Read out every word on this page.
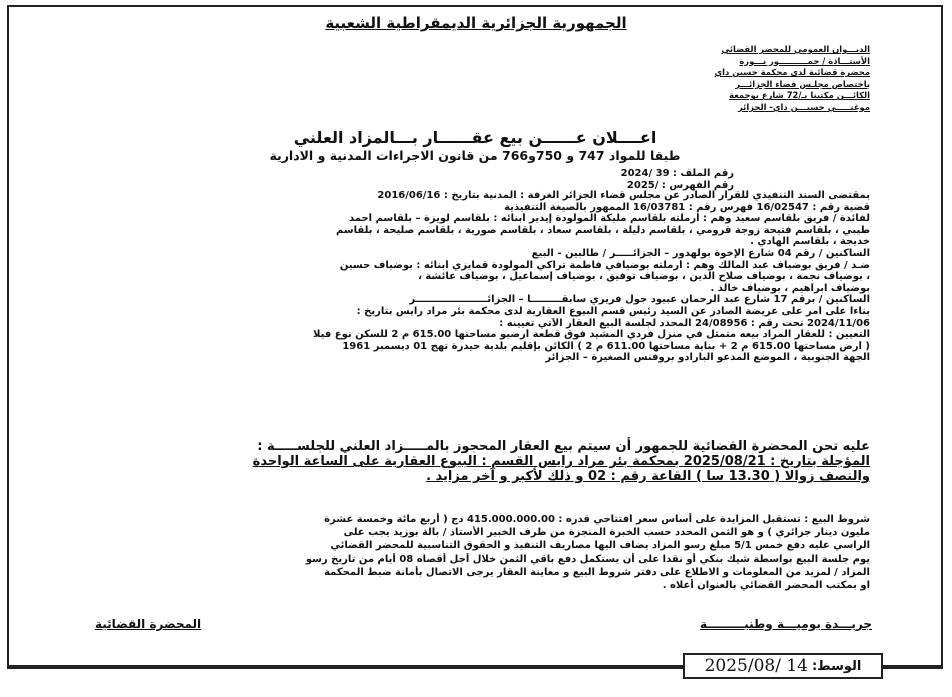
الجمهورية الجزائرية الديمقراطية الشعبية
الديـــوان العمومي للمحضر القضائي
الأستـــاذة / حمــــــــــور نـــورة
محضرة قضائية لدى محكمة حسين داي
باختصاص مجلـس قضاء الجزائـــر
الكائـــن مكتبنا بـ/72 شارع بوجمعة
موغنـــــي حسيـــن داي- الجزائر
اعــــلان عــــــن بيع عقــــــار بـــالمزاد العلني
طبقا للمواد 747 و 750و766 من قانون الاجراءات المدنية و الادارية
رقم الملف : 39 /2024
رقم الفهرس : /2025
بمقتضى السند التنفيذي للقرار الصادر عن مجلس قضاء الجزائر الغرفة : المدنية بتاريخ : 2016/06/16
قضية رقم : 16/02547 فهرس رقم : 16/03781 الممهور بالصيغة التنفيذية
لفائدة / فريق بلقاسم سعيد وهم : أرملته بلقاسم مليكة المولودة إيدير أبنائه : بلقاسم لويزة – بلقاسم أحمد
طيبي ، بلقاسم فتيحة زوجة قرومي ، بلقاسم دليلة ، بلقاسم سعاد ، بلقاسم صورية ، بلقاسم صليحة ، بلقاسم
خديجة ، بلقاسم الهادي .
الساكنين / رقم 04 شارع الإخوة بولهدور – الجزائـــــر / طالبين - البيع
ضـد / فريق بوضياف عبد المالك وهم : أرملته بوضيافي فاطمة تراكي المولودة قمايزي أبنائه : بوضياف حسين
، بوضياف نجمة ، بوضياف صلاح الدين ، بوضياف توفيق ، بوضياف إسماعيل ، بوضياف عائشة ،
بوضياف ابراهيم ، بوضياف خالد .
الساكنين / برقم 17 شارع عبد الرحمان عبيود جول فريري سابقـــــــــا – الجزائـــــــــــــــــــــر
بناءا على أمر على عريضة الصادر عن السيد رئيس قسم البيوع العقارية لدى محكمة بئر مراد رايس بتاريخ :
2024/11/06 تحت رقم : 24/08956 المحدد لجلسة البيع العقار الآتي تعيينه :
التعيين : للعقار المراد بيعه متمثل في منزل فردي المشيد فوق قطعة أرضيو مساحتها 615.00 م 2 للسكن نوع فيلا
( أرض مساحتها 615.00 م 2 + بناية مساحتها 611.00 م 2 ) الكائن بإقليم بلدية حيدرة تهج 01 ديسمبر 1961
الجهة الجنوبية ، الموضع المدعو البارادو بروفنس الصغيرة – الجزائر
عليه تحن المحضرة القضائية للجمهور أن سيتم بيع العقار المحجوز بالمـــــزاد العلني للجلســـــة :
المؤجلة بتاريخ : 2025/08/21 بمحكمة بئر مراد رايس القسم : البيوع العقارية على الساعة الواحدة
والنصف زوالا ( 13.30 سا ) القاعة رقم : 02 و ذلك لأكبر و آخر مزايد .
شروط البيع : تستقبل المزايدة على أساس سعر افتتاحي قدره : 415.000.000.00 دج ( أربع مائة وخمسة عشرة
مليون دينار جزائري ) و هو الثمن المحدد حسب الخبرة المنجزة من طرف الخبير الأستاذ / بالة بوزيد يجب على
الراسي عليه دفع خمس 5/1 مبلغ رسو المزاد يضاف اليها مصاريف التنفيذ و الحقوق التناسبية للمحضر القضائي
يوم جلسة البيع بواسطة شيك بنكي أو نقدا على أن يستكمل دفع باقي الثمن خلال أجل أقصاه 08 أيام من تاريخ رسو
المزاد / لمزيد من المعلومات و الاطلاع على دفتر شروط البيع و معاينة العقار يرجى الاتصال بأمانة ضبط المحكمة
او بمكتب المحضر القضائي بالعنوان أعلاه .
جريـــدة يوميـــة وطنيـــــــــة
المحضرة القضائية
2025/08/ 14 الوسط:
